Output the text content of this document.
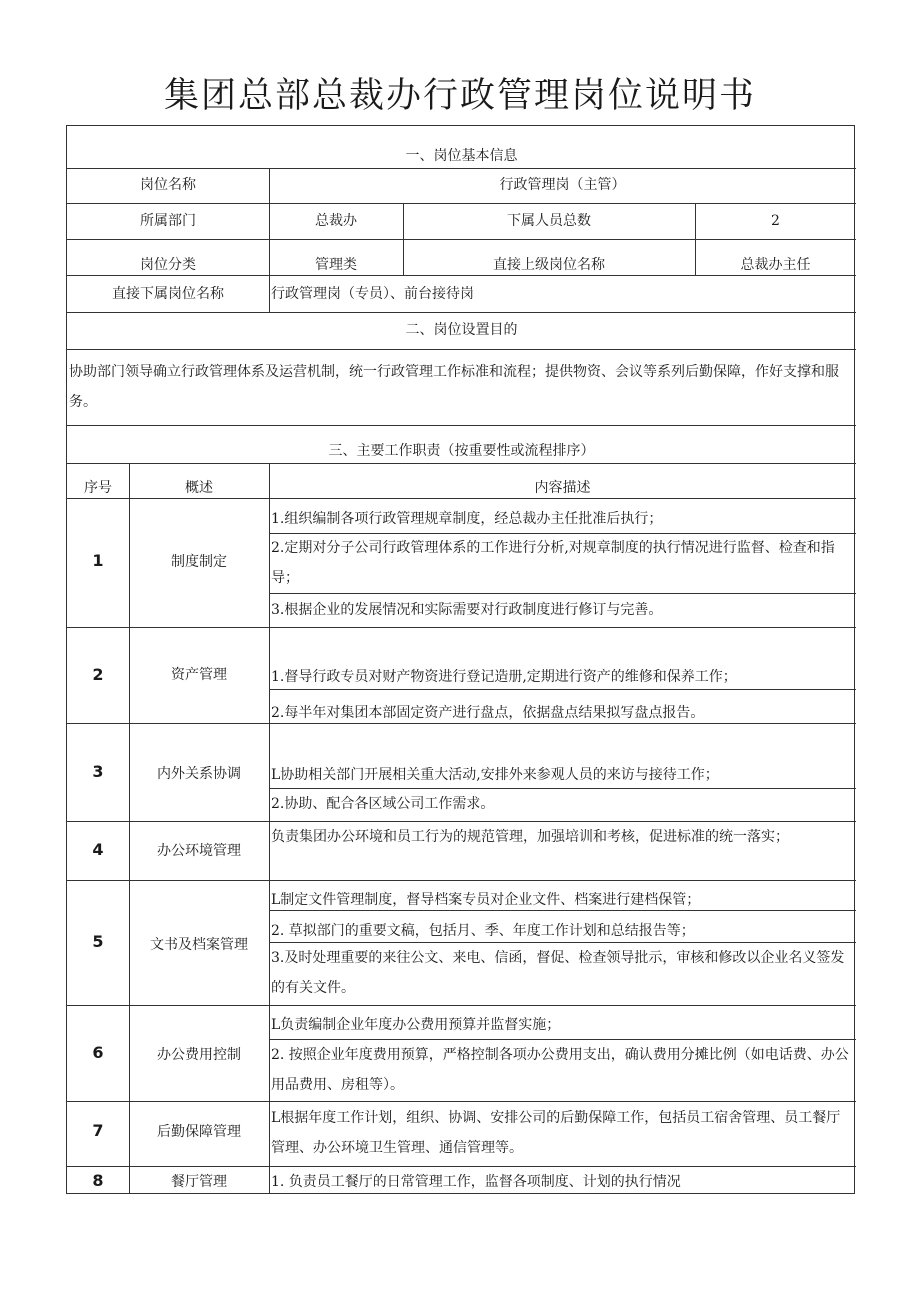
集团总部总裁办行政管理岗位说明书
一、岗位基本信息
岗位名称	行政管理岗（主管）
所属部门	总裁办	下属人员总数	2
岗位分类	管理类	直接上级岗位名称	总裁办主任
直接下属岗位名称	行政管理岗（专员）、前台接待岗
二、岗位设置目的
协助部门领导确立行政管理体系及运营机制，统一行政管理工作标准和流程；提供物资、会议等系列后勤保障，作好支撑和服务。
三、主要工作职责（按重要性或流程排序）
序号	概述	内容描述
1	制度制定
1.组织编制各项行政管理规章制度，经总裁办主任批准后执行；
2.定期对分子公司行政管理体系的工作进行分析,对规章制度的执行情况进行监督、检查和指导；
3.根据企业的发展情况和实际需要对行政制度进行修订与完善。
2	资产管理	1.督导行政专员对财产物资进行登记造册,定期进行资产的维修和保养工作；
2.每半年对集团本部固定资产进行盘点，依据盘点结果拟写盘点报告。
3	内外关系协调	L协助相关部门开展相关重大活动,安排外来参观人员的来访与接待工作；
2.协助、配合各区域公司工作需求。
4	办公环境管理
负责集团办公环境和员工行为的规范管理，加强培训和考核，促进标准的统一落实；
5	文书及档案管理
L制定文件管理制度，督导档案专员对企业文件、档案进行建档保管；
2. 草拟部门的重要文稿，包括月、季、年度工作计划和总结报告等；
3.及时处理重要的来往公文、来电、信函，督促、检查领导批示，审核和修改以企业名义签发的有关文件。
6	办公费用控制
L负责编制企业年度办公费用预算并监督实施；
2. 按照企业年度费用预算，严格控制各项办公费用支出，确认费用分摊比例（如电话费、办公用品费用、房租等）。
7	后勤保障管理
L根据年度工作计划，组织、协调、安排公司的后勤保障工作，包括员工宿舍管理、员工餐厅管理、办公环境卫生管理、通信管理等。
8	餐厅管理	1. 负责员工餐厅的日常管理工作，监督各项制度、计划的执行情况
